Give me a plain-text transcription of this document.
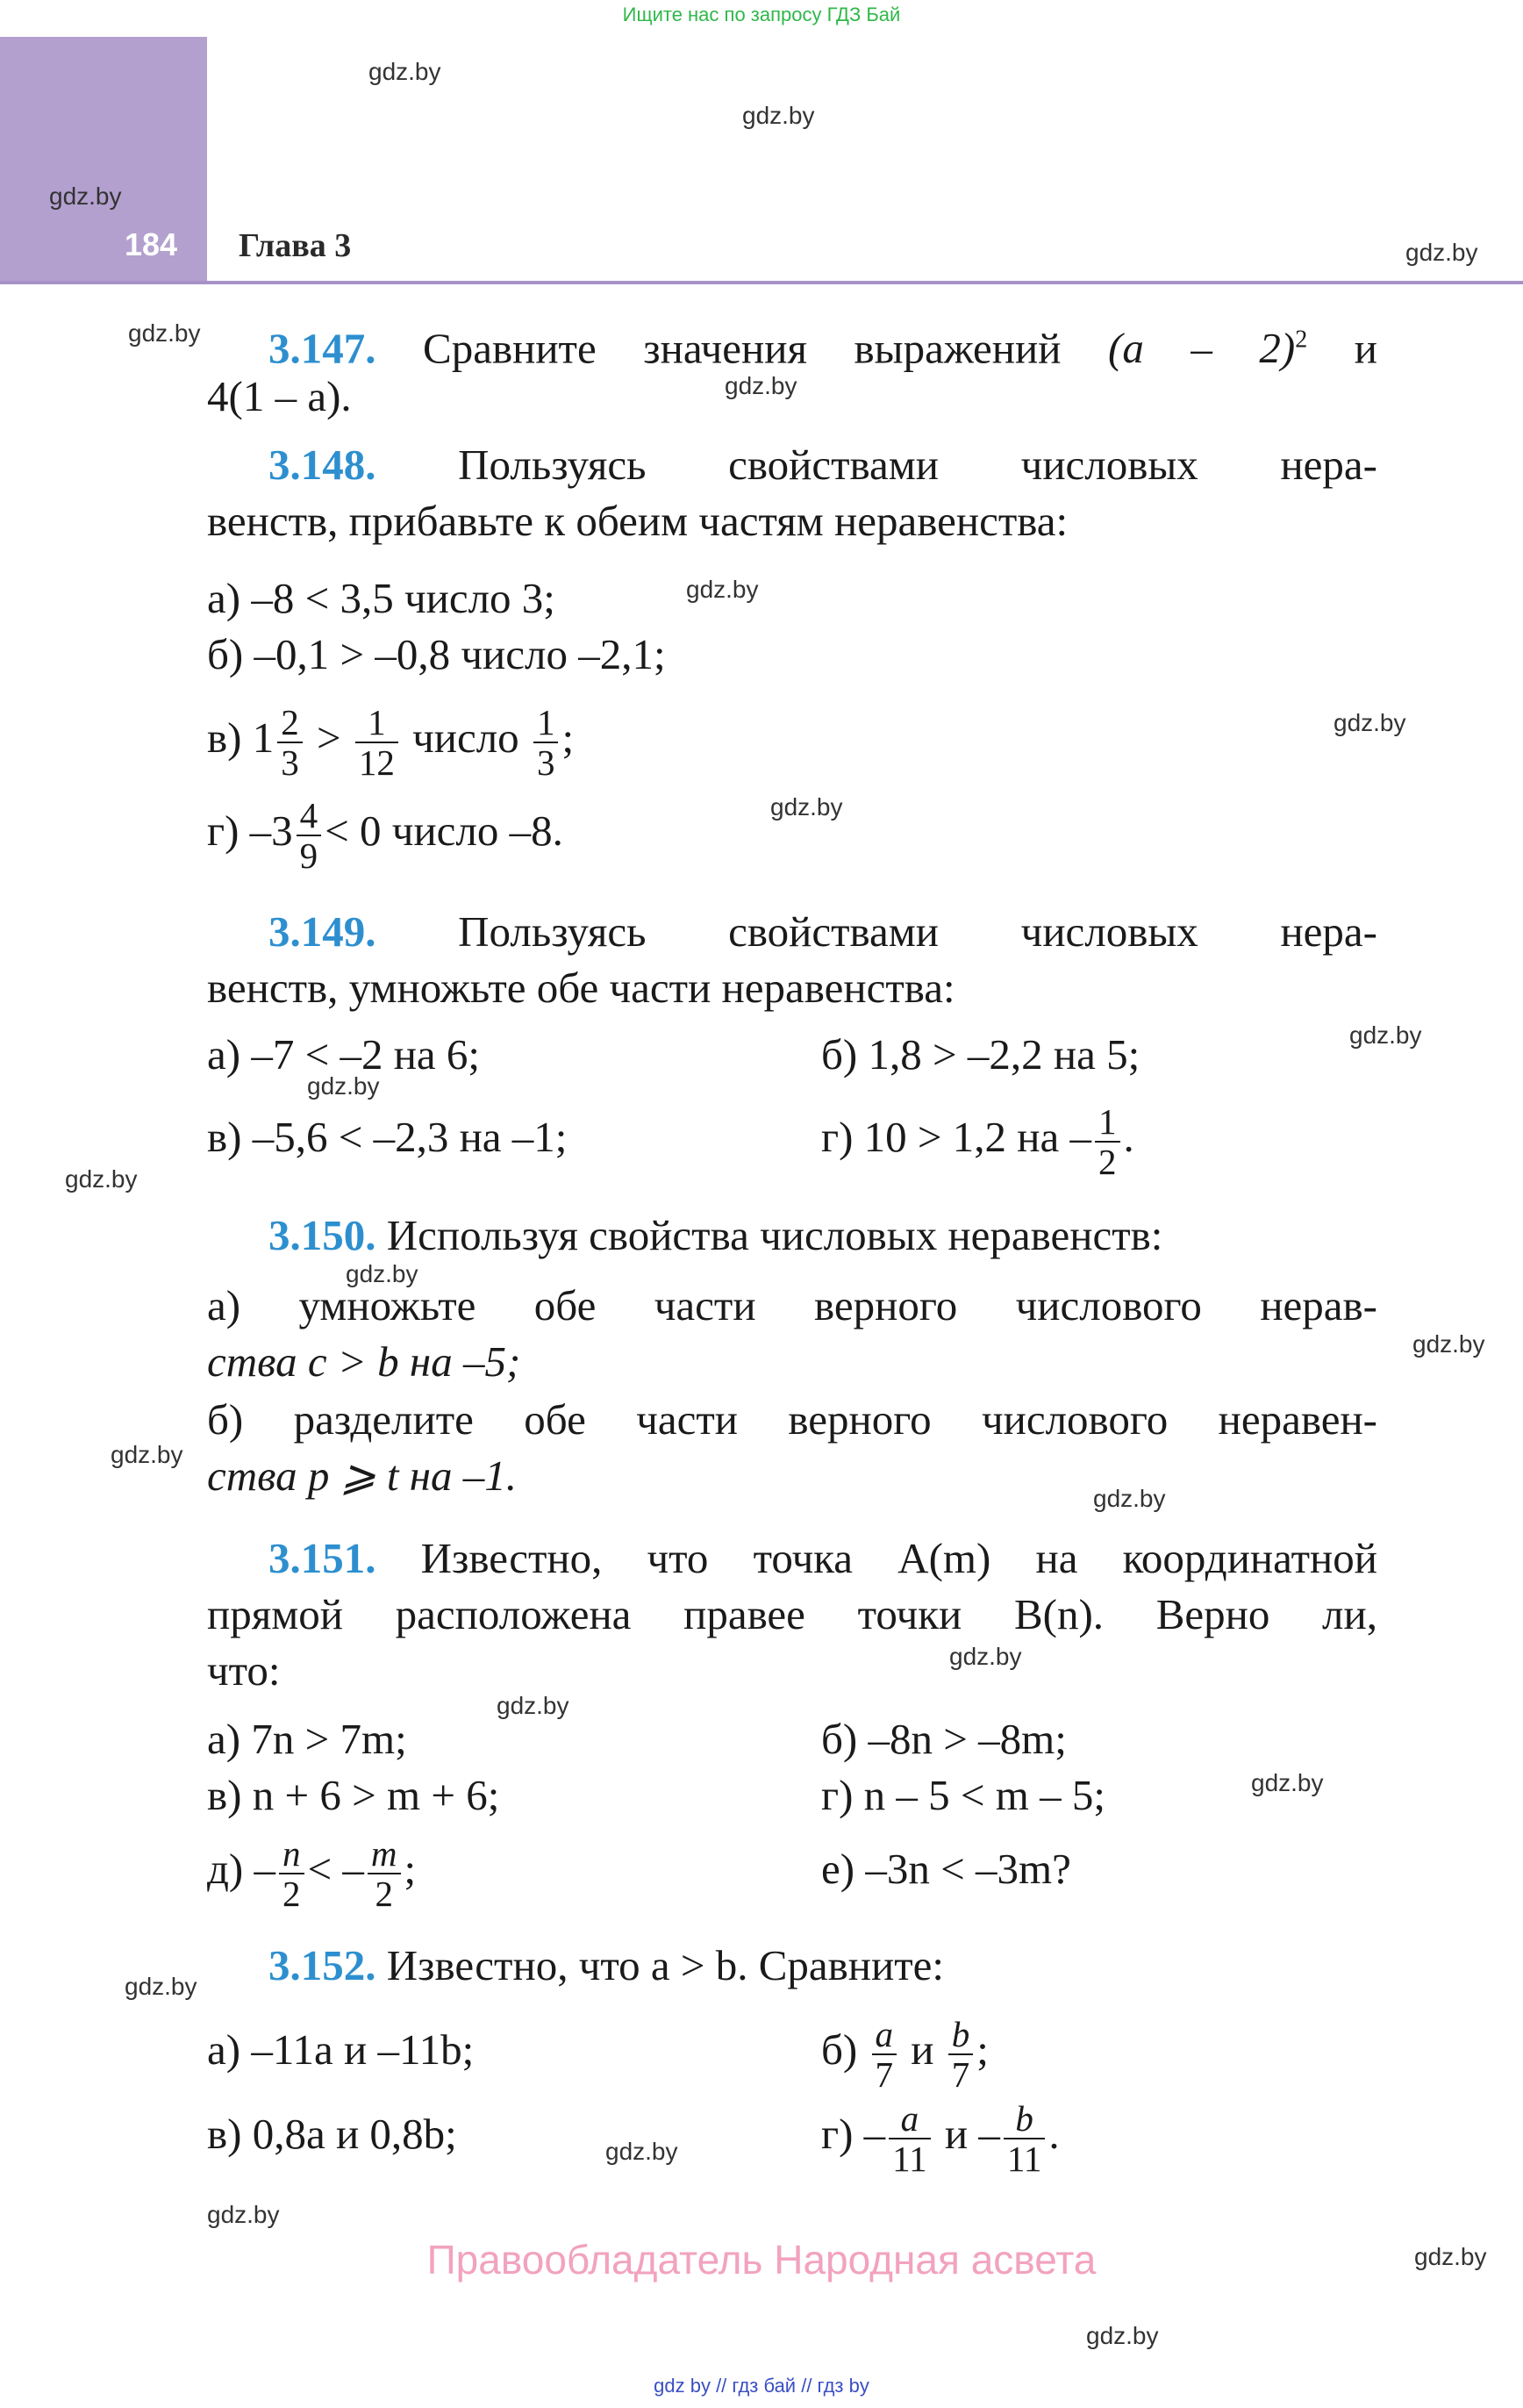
Ищите нас по запросу ГДЗ Бай
184 Глава 3
gdz.by
gdz.by
gdz.by
gdz.by
gdz.by
gdz.by
gdz.by
gdz.by
gdz.by
gdz.by
gdz.by
gdz.by
gdz.by
gdz.by
gdz.by
gdz.by
gdz.by
gdz.by
gdz.by
gdz.by
gdz.by
gdz.by
gdz.by
gdz.by
3.147. Сравните значения выражений (a – 2)$^2$ и
4(1 – a).
3.148. Пользуясь свойствами числовых нера-
венств, прибавьте к обеим частям неравенства:
а) –8 < 3,5 число 3;
б) –0,1 > –0,8 число –2,1;
в) $1 \frac{2}{3} > \frac{1}{12}$ число $\frac{1}{3}$ ;
г) $-3 \frac{4}{9} < 0$ число –8.
3.149. Пользуясь свойствами числовых нера-
венств, умножьте обе части неравенства:
а) –7 < –2 на 6;	б) 1,8 > –2,2 на 5;
в) –5,6 < –2,3 на –1;	г) 10 > 1,2 на – $\frac{1}{2}$ .
3.150. Используя свойства числовых неравенств:
а) умножьте обе части верного числового нерав-
ства c > b на –5;
б) разделите обе части верного числового неравен-
ства p ⩾ t на –1.
3.151. Известно, что точка A(m) на координатной
прямой расположена правее точки B(n). Верно ли,
что:
а) 7n > 7m;	б) –8n > –8m;
в) n + 6 > m + 6;	г) n – 5 < m – 5;
$д) - \frac{n}{2}$ < – $\frac{m}{2}$ ;	е) –3n < –3m?
3.152. Известно, что a > b. Сравните:
а) –11a и –11b;	$б) \frac{a}{7}$ и $\frac{b}{7}$ ;
в) 0,8a и 0,8b;	$г) - \frac{a}{11}$ и – $\frac{b}{11}$ .
Правообладатель Народная асвета
gdz by // гдз бай // гдз by
